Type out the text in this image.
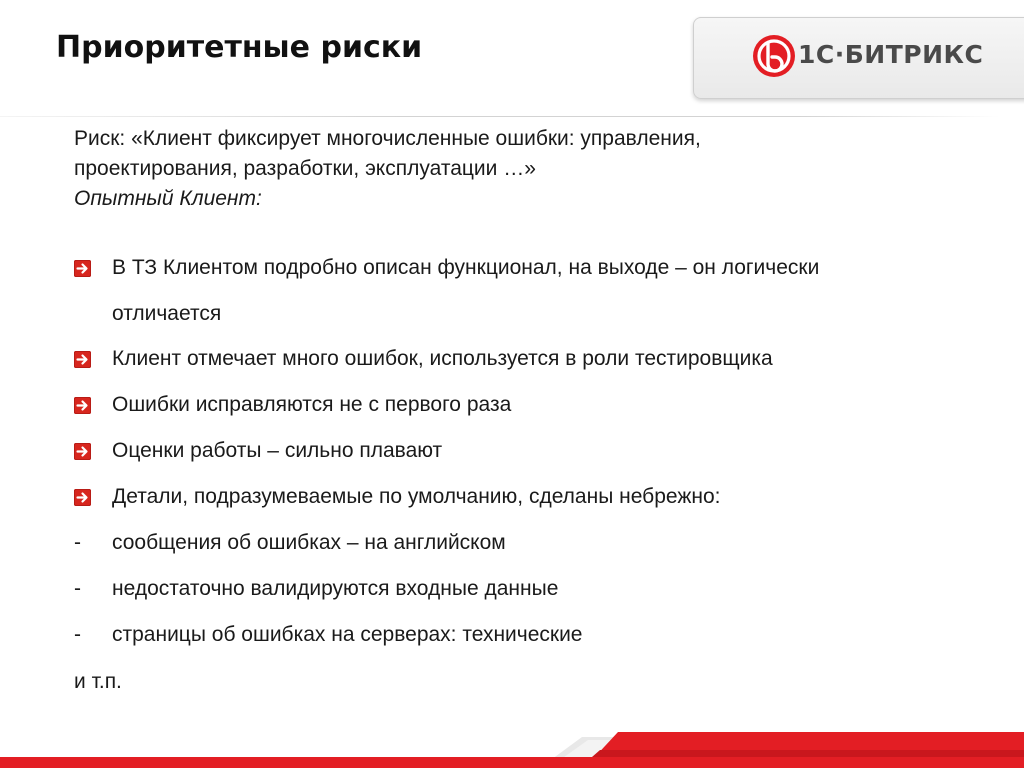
Приоритетные риски	1С·БИТРИКС
Риск: «Клиент фиксирует многочисленные ошибки: управления,
проектирования, разработки, эксплуатации …»
Опытный Клиент:
В ТЗ Клиентом подробно описан функционал, на выходе – он логически
отличается
Клиент отмечает много ошибок, используется в роли тестировщика
Ошибки исправляются не с первого раза
Оценки работы – сильно плавают
Детали, подразумеваемые по умолчанию, сделаны небрежно:
- сообщения об ошибках – на английском
- недостаточно валидируются входные данные
- страницы об ошибках на серверах: технические
и т.п.
